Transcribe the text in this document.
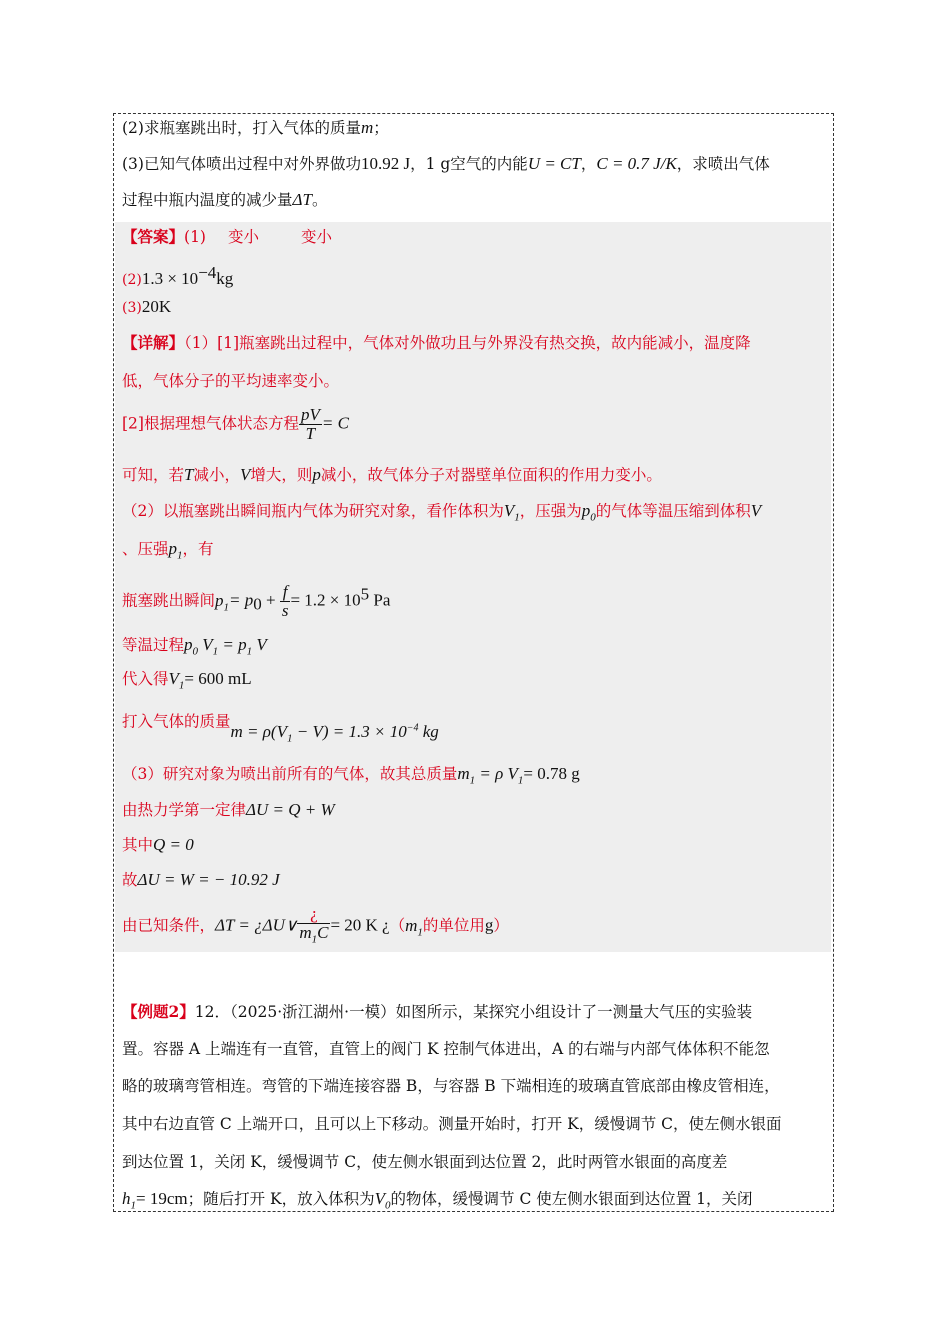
(2)求瓶塞跳出时，打入气体的质量m；
(3)已知气体喷出过程中对外界做功10.92 J，1 g空气的内能U = CT，C = 0.7 J/K，求喷出气体
过程中瓶内温度的减少量ΔT。
【答案】(1) 变小	变小
$(2)1.3 \times 10^{-4}kg$
(3)20K
【详解】（1）[1]瓶塞跳出过程中，气体对外做功且与外界没有热交换，故内能减小，温度降
低，气体分子的平均速率变小。
[2]根据理想气体状态方程 $\frac{pV}{T} = C$
可知，若T减小，V增大，则p减小，故气体分子对器壁单位面积的作用力变小。
（2）以瓶塞跳出瞬间瓶内气体为研究对象，看作体积为$V_1$，压强为$p_0$的气体等温压缩到体积V
、压强$p_1$，有
瓶塞跳出瞬间$p_1= p_0 + \frac{f}{s} = 1.2 \times 10^5$ Pa
等温过程$p_0$ $V_1 = p_1$ V
代入得$V_1= 600$ mL
打入气体的质量$m = \rho(V_1 - V) = 1.3 \times 10^{-4}$ kg
（3）研究对象为喷出前所有的气体，故其总质量$m_1 = \rho$ $V_1= 0.78$ g
由热力学第一定律ΔU = Q + W
其中Q = 0
故ΔU = W = − 10.92 J
由已知条件，ΔT = ¿ΔU∨ $\frac{¿}{m_1C} = 20$ K ¿（$m_1$的单位用g）
【例题2】12．（2025·浙江湖州·一模）如图所示，某探究小组设计了一测量大气压的实验装
置。容器 A 上端连有一直管，直管上的阀门 K 控制气体进出，A 的右端与内部气体体积不能忽
略的玻璃弯管相连。弯管的下端连接容器 B，与容器 B 下端相连的玻璃直管底部由橡皮管相连，
其中右边直管 C 上端开口，且可以上下移动。测量开始时，打开 K，缓慢调节 C，使左侧水银面
到达位置 1，关闭 K，缓慢调节 C，使左侧水银面到达位置 2，此时两管水银面的高度差
$h_1= 19cm$；随后打开 K，放入体积为$V_0$的物体，缓慢调节 C 使左侧水银面到达位置 1，关闭
